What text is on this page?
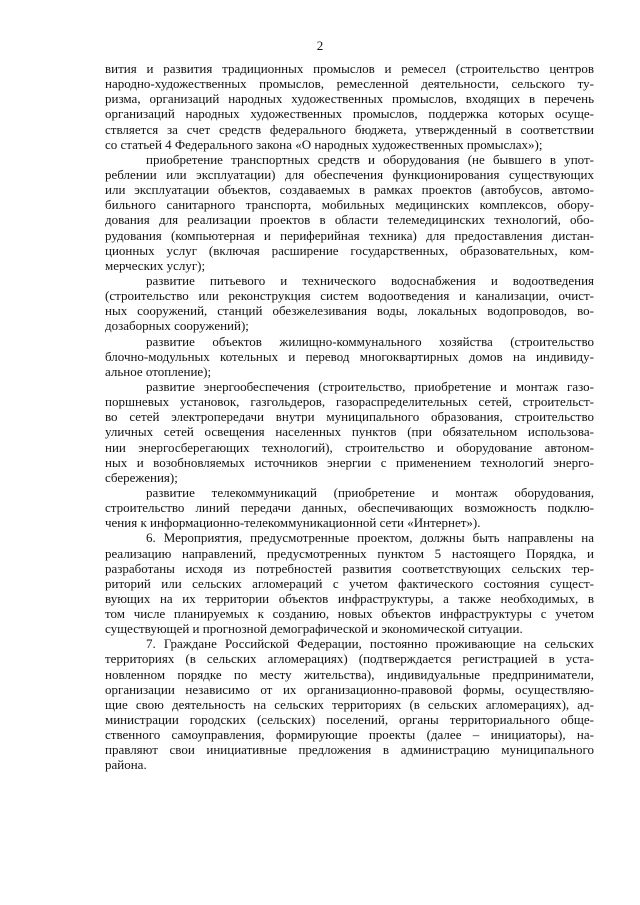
2
вития и развития традиционных промыслов и ремесел (строительство центров
народно-художественных промыслов, ремесленной деятельности, сельского ту-
ризма, организаций народных художественных промыслов, входящих в перечень
организаций народных художественных промыслов, поддержка которых осуще-
ствляется за счет средств федерального бюджета, утвержденный в соответствии
со статьей 4 Федерального закона «О народных художественных промыслах»);
приобретение транспортных средств и оборудования (не бывшего в упот-
реблении или эксплуатации) для обеспечения функционирования существующих
или эксплуатации объектов, создаваемых в рамках проектов (автобусов, автомо-
бильного санитарного транспорта, мобильных медицинских комплексов, обору-
дования для реализации проектов в области телемедицинских технологий, обо-
рудования (компьютерная и периферийная техника) для предоставления дистан-
ционных услуг (включая расширение государственных, образовательных, ком-
мерческих услуг);
развитие питьевого и технического водоснабжения и водоотведения
(строительство или реконструкция систем водоотведения и канализации, очист-
ных сооружений, станций обезжелезивания воды, локальных водопроводов, во-
дозаборных сооружений);
развитие объектов жилищно-коммунального хозяйства (строительство
блочно-модульных котельных и перевод многоквартирных домов на индивиду-
альное отопление);
развитие энергообеспечения (строительство, приобретение и монтаж газо-
поршневых установок, газгольдеров, газораспределительных сетей, строительст-
во сетей электропередачи внутри муниципального образования, строительство
уличных сетей освещения населенных пунктов (при обязательном использова-
нии энергосберегающих технологий), строительство и оборудование автоном-
ных и возобновляемых источников энергии с применением технологий энерго-
сбережения);
развитие телекоммуникаций (приобретение и монтаж оборудования,
строительство линий передачи данных, обеспечивающих возможность подклю-
чения к информационно-телекоммуникационной сети «Интернет»).
6. Мероприятия, предусмотренные проектом, должны быть направлены на
реализацию направлений, предусмотренных пунктом 5 настоящего Порядка, и
разработаны исходя из потребностей развития соответствующих сельских тер-
риторий или сельских агломераций с учетом фактического состояния сущест-
вующих на их территории объектов инфраструктуры, а также необходимых, в
том числе планируемых к созданию, новых объектов инфраструктуры с учетом
существующей и прогнозной демографической и экономической ситуации.
7. Граждане Российской Федерации, постоянно проживающие на сельских
территориях (в сельских агломерациях) (подтверждается регистрацией в уста-
новленном порядке по месту жительства), индивидуальные предприниматели,
организации независимо от их организационно-правовой формы, осуществляю-
щие свою деятельность на сельских территориях (в сельских агломерациях), ад-
министрации городских (сельских) поселений, органы территориального обще-
ственного самоуправления, формирующие проекты (далее – инициаторы), на-
правляют свои инициативные предложения в администрацию муниципального
района.
